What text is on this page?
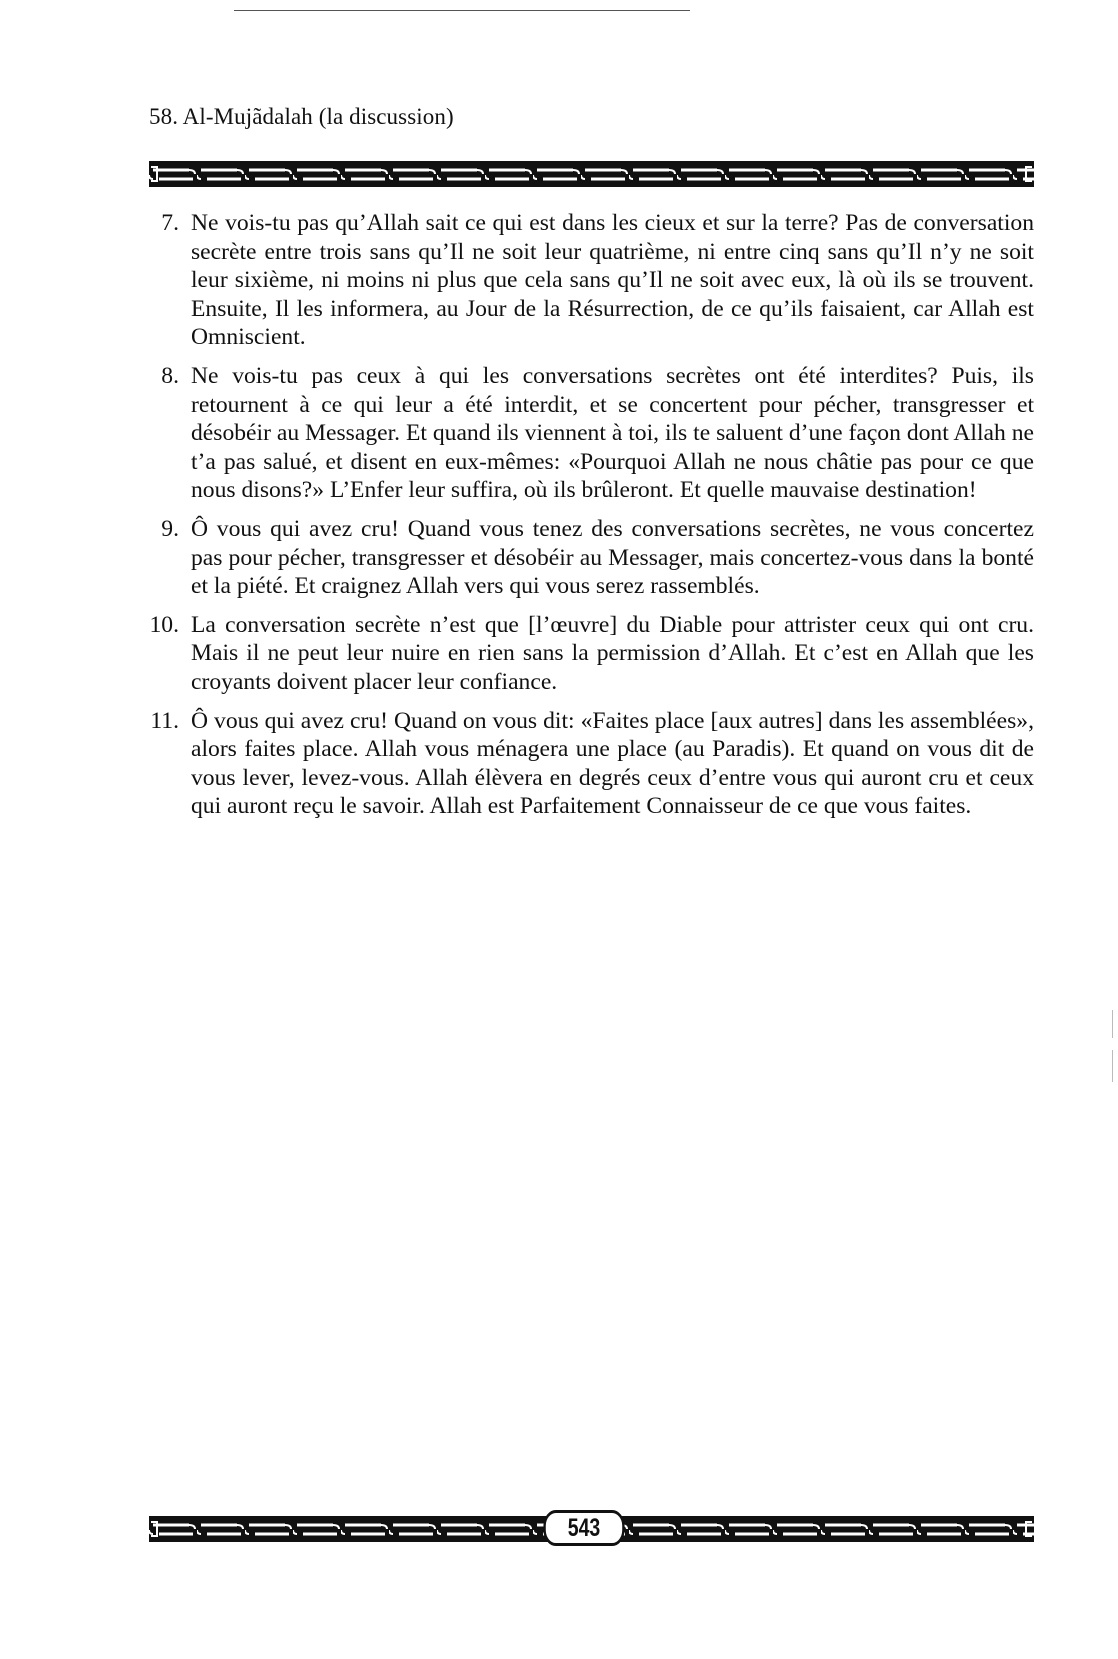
58. Al-Mujãdalah (la discussion)
7. Ne vois-tu pas qu’Allah sait ce qui est dans les cieux et sur la terre? Pas de conversation secrète entre trois sans qu’Il ne soit leur quatrième, ni entre cinq sans qu’Il n’y ne soit leur sixième, ni moins ni plus que cela sans qu’Il ne soit avec eux, là où ils se trouvent. Ensuite, Il les informera, au Jour de la Résurrection, de ce qu’ils faisaient, car Allah est Omniscient.
8. Ne vois-tu pas ceux à qui les conversations secrètes ont été interdites? Puis, ils retournent à ce qui leur a été interdit, et se concertent pour pécher, transgresser et désobéir au Messager. Et quand ils viennent à toi, ils te saluent d’une façon dont Allah ne t’a pas salué, et disent en eux-mêmes: «Pourquoi Allah ne nous châtie pas pour ce que nous disons?» L’Enfer leur suffira, où ils brûleront. Et quelle mauvaise destination!
9. Ô vous qui avez cru! Quand vous tenez des conversations secrètes, ne vous concertez pas pour pécher, transgresser et désobéir au Messager, mais concertez-vous dans la bonté et la piété. Et craignez Allah vers qui vous serez rassemblés.
10. La conversation secrète n’est que [l’œuvre] du Diable pour attrister ceux qui ont cru. Mais il ne peut leur nuire en rien sans la permission d’Allah. Et c’est en Allah que les croyants doivent placer leur confiance.
11. Ô vous qui avez cru! Quand on vous dit: «Faites place [aux autres] dans les assemblées», alors faites place. Allah vous ménagera une place (au Paradis). Et quand on vous dit de vous lever, levez-vous. Allah élèvera en degrés ceux d’entre vous qui auront cru et ceux qui auront reçu le savoir. Allah est Parfaitement Connaisseur de ce que vous faites.
543
